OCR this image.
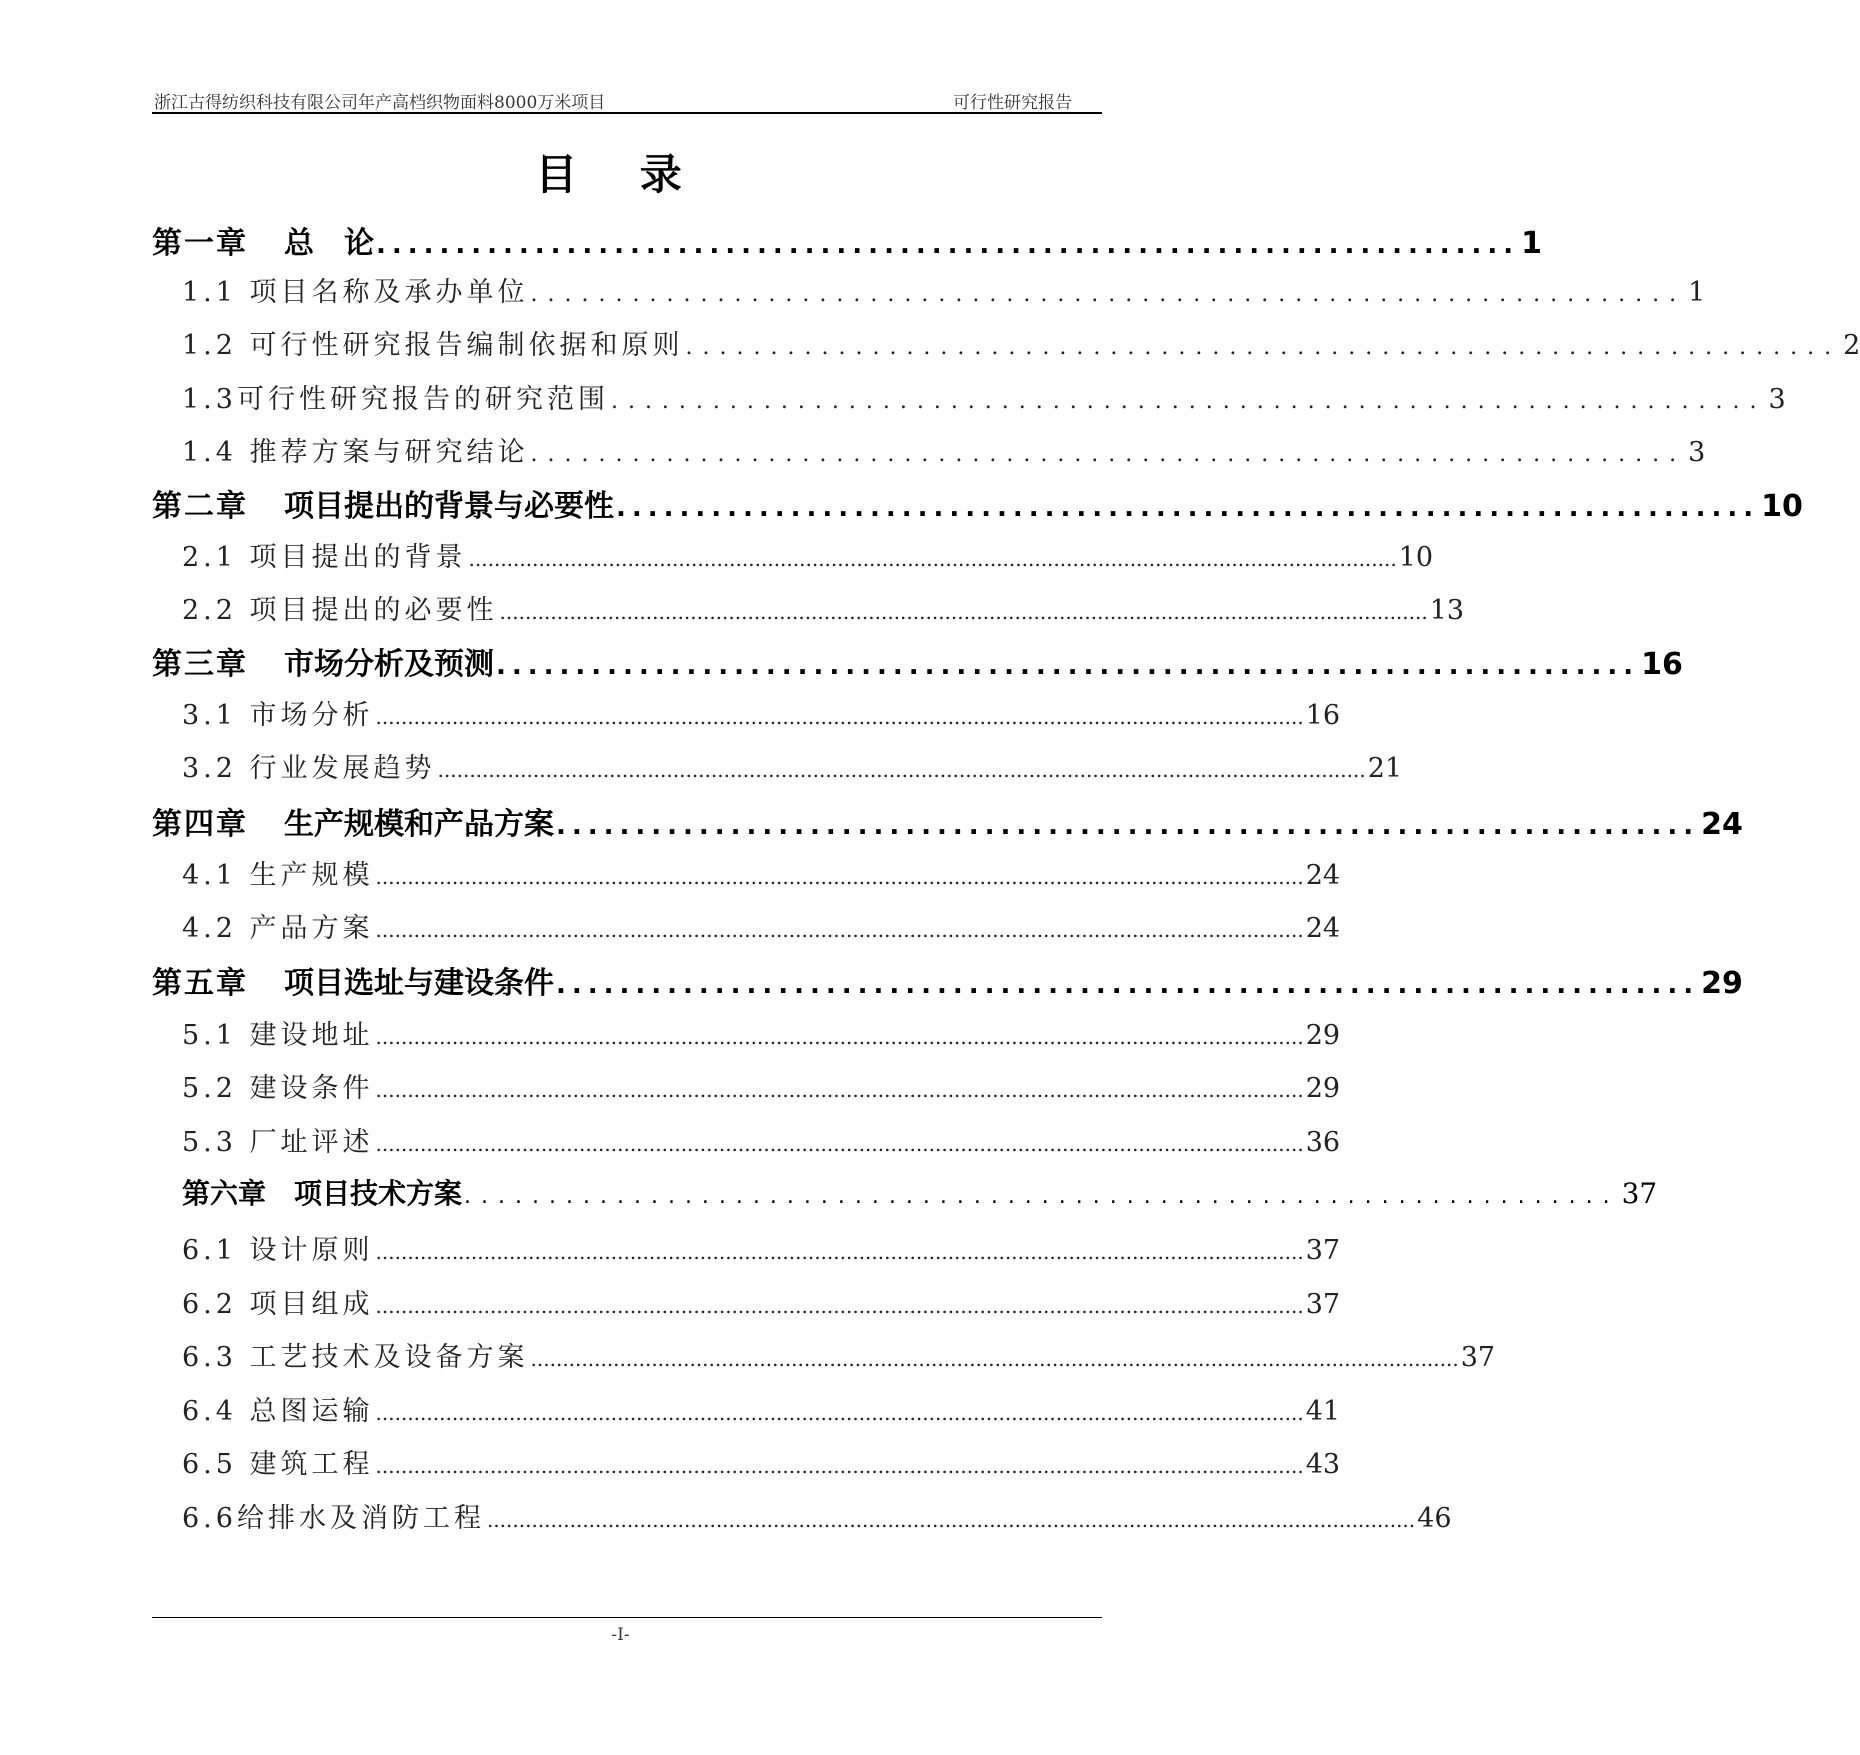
浙江古得纺织科技有限公司年产高档织物面料8000万米项目	可行性研究报告
目 录
第一章 总　论 ........................................................................ 1
1.1 项目名称及承办单位 .................................................................... 1
1.2 可行性研究报告编制依据和原则 .................................................................... 2
1.3可行性研究报告的研究范围 .................................................................... 3
1.4 推荐方案与研究结论 .................................................................... 3
第二章 项目提出的背景与必要性 ........................................................................ 10
2.1 项目提出的背景 .................................................................................................................................................. 10
2.2 项目提出的必要性 .................................................................................................................................................. 13
第三章 市场分析及预测 ........................................................................ 16
3.1 市场分析 .................................................................................................................................................. 16
3.2 行业发展趋势 .................................................................................................................................................. 21
第四章 生产规模和产品方案 ........................................................................ 24
4.1 生产规模 .................................................................................................................................................. 24
4.2 产品方案 .................................................................................................................................................. 24
第五章 项目选址与建设条件 ........................................................................ 29
5.1 建设地址 .................................................................................................................................................. 29
5.2 建设条件 .................................................................................................................................................. 29
5.3 厂址评述 .................................................................................................................................................. 36
第六章 项目技术方案 .................................................................... 37
6.1 设计原则 .................................................................................................................................................. 37
6.2 项目组成 .................................................................................................................................................. 37
6.3 工艺技术及设备方案 .................................................................................................................................................. 37
6.4 总图运输 .................................................................................................................................................. 41
6.5 建筑工程 .................................................................................................................................................. 43
6.6给排水及消防工程 .................................................................................................................................................. 46
-I-
